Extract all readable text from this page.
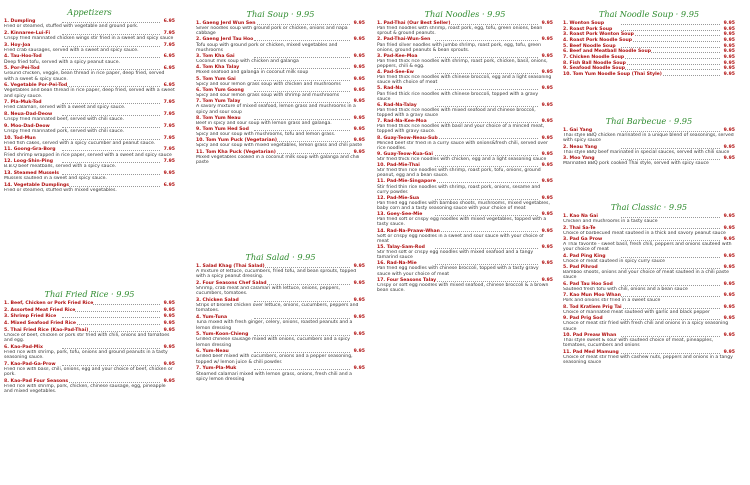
Appetizers
1. Dumpling	6.95
Fried or steamed, stuffed with vegetable and ground pork.
2. Kinnaree-Lui-Fi	7.95
Crispy fried marinated chicken wings stir fried in a sweet and spicy sauce
3. Hoy-Joa	7.95
Fried crab sausages, served with a sweet and spicy sauce.
4. Tau-Hoo-Tod	6.95
Deep fried tofu, served with a spicy peanut sauce.
5. Por-Pei-Tod	6.95
Ground chicken, veggie, bean thread in rice paper, deep fried, served with a sweet & spicy sauce.
6. Vegetable Por-Pei-Tod	6.95
Vegetables and bean thread in rice paper, deep fried, served with a sweet and spicy sauce.
7. Pla-Muk-Tod	7.95
Fried calamari, served with a sweet and spicy sauce.
8. Neua-Dad-Deow	7.95
Crispy fried marinated beef, served with chili sauce.
9. Moo-Dad-Deow	7.95
Crispy fried marinated pork, served with chili sauce.
10. Tod-Mun	7.95
Fried fish cakes, served with a spicy cucumber and peanut sauce.
11. Goong-Gra-Borg	7.95
Fried shrimp wrapped in rice paper, served with a sweet and spicy sauce
12. Loog-Shin-Ping	7.95
B.B.Q beef meatballs, served with a spicy sauce.
13. Steamed Mussels	9.95
Mussels sauteed in a sweet and spicy sauce.
14. Vegetable Dumplings	6.95
Fried or steamed, stuffed with mixed vegetables.
Thai Fried Rice · 9.95
1. Beef, Chicken or Pork Fried Rice	9.95
2. Assorted Meat Fried Rice	9.95
3. Shrimp Fried Rice	9.95
4. Mixed Seafood Fried Rice	9.95
5. Thai Fried Rice (Kao-Pad-Thai)	9.95
Choice of beef, chicken or pork stir fried with chili, onions and tomatoes and egg.
6. Kao-Pad-Mix	9.95
Fried rice with shrimp, pork, tofu, onions and ground peanuts in a tasty seasoning sauce.
7. Kao-Pad-Ga-Prow	9.95
Fried rice with basil, chili, onions, egg and your choice of beef, chicken or pork.
8. Kao-Pad Four Seasons	9.95
Fried rice with shrimp, pork, chicken, chinese sausage, egg, pineapple and mixed vegetables.
Thai Soup · 9.95
1. Gaeng Jerd Wun Sen	9.95
Silver noodles soup with ground pork or chicken, onions and napa cabbage
2. Gaeng Jerd Tau Hoo	9.95
Tofu soup with ground pork or chicken, mixed vegetables and mushrooms
3. Tom Kha Gai	9.95
Coconut milk soup with chicken and galanga
4. Tom Kha Talay	9.95
Mixed seafood and galanga in coconut milk soup
5. Tom Yum Gai	9.95
Spicy and sour lemon grass soup with chicken and mushrooms
6. Tom Yum Goong	9.95
Spicy and sour lemon grass soup with shrimp and mushrooms
7. Tom Yum Talay	9.95
A savory mixture of mixed seafood, lemon grass and mushrooms in a spicy and sour soup
8. Tom Yum Neau	9.95
Beef in spicy and sour soup with lemon grass and galanga.
9. Tom Yum Hed Sod	9.95
Spicy and sour soup with mushrooms, tofu and lemon grass.
10. Tom Yum Puck (Vegetarian)	9.95
Spicy and sour soup with mixed vegetables, lemon grass and chili paste
11. Tom Kha Puck (Vegetarian)	9.95
Mixed vegetables cooked in a coconut milk soup with galanga and chili paste
Thai Salad · 9.95
1. Salad Khag (Thai Salad)	9.95
A mixture of lettuce, cucumbers, fried tofu, and bean sprouts, topped with a spicy peanut dressing.
2. Four Seasons Chef Salad	9.95
Shrimp, crab meat and calamari with lettuce, onions, peppers, cucumbers, tomatoes.
3. Chicken Salad	9.95
Strips of broiled chicken over lettuce, onions, cucumbers, peppers and tomatoes.
4. Yum-Tuna	9.95
Tuna mixed with fresh ginger, celery, onions, roasted peanuts and a lemon dressing
5. Yum-Koon-Chieng	9.95
Grilled chinese sausage mixed with onions, cucumbers and a spicy lemon dressing
6. Yum-Neau	9.95
Grilled beef mixed with cucumbers, onions and a pepper seasoning, topped w/ lemon juice & chili powder.
7. Yum-Pla-Muk	9.95
Steamed calamari mixed with lemon grass, onions, fresh chili and a spicy lemon dressing
Thai Noodles · 9.95
1. Pad-Thai (Our Best Seller)	9.95
Pan fried noodles with shrimp, roast pork, egg, tofu, green onions, bean sprout & ground peanuts.
2. Pad-Thai-Wun-Sen	9.95
Pan fried silver noodles with jumbo shrimp, roast pork, egg, tofu, green onions, ground peanuts & bean sprouts.
3. Pad-Kee-Moa	9.95
Pan fried thick rice noodles with shrimp, roast pork, chicken, basil, onions, peppers, chili & egg.
4. Pad-See-Ew	9.95
Pan fried thick rice noodles with chinese broccoli, egg and a light seasoning sauce with choice of meat
5. Rad-Na	9.95
Pan fried thick rice noodles with chinese broccoli, topped with a gravy sauce
6. Rad-Na-Talay	9.95
Pan fried thick rice noodles with mixed seafood and chinese broccoli, topped with a gravy sauce
7. Rad-Na-Kee-Moa	9.95
Pan fried thick rice noodles with basil and your choice of a minced meat, topped with gravy sauce.
8. Guay-Teow-Neau-Sub	9.95
Minced beef stir fried in a curry sauce with onions&fresh chili, served over rice noodles.
9. Guay-Teow-Kua-Gai	9.95
Stir fried thick rice noodles with chicken, egg and a light seasoning sauce
10. Pad-Mie-Thai	9.95
Stir fried thin rice noodles with shrimp, roast pork, tofu, onions, ground peanut, egg and a bean sauce.
11. Pad-Mie-Singapore	9.95
Stir fried thin rice noodles with shrimp, roast pork, onions, sesame and curry powder.
12. Pad-Mie-Sua	9.95
Pan fried egg noodles with bamboo shoots, mushrooms, mixed vegetables, baby corn and a tasty seasoning sauce with your choice of meat
13. Goey-See-Mie	9.95
Pan fried soft or crispy egg noodles with mixed vegetables, topped with a tasty sauce.
14. Rad-Na-Praaw-Whan	9.95
Soft or crispy egg noodles in a sweet and sour sauce with your choice of meat
15. Talay-Sam-Rod	9.95
Stir fried soft or crispy egg noodles with mixed seafood and a tangy tamarind sauce
16. Rad-Na-Mie	9.95
Pan fried egg noodles with chinese broccoli, topped with a tasty gravy sauce with your choice of meat
17. Four Seasons Talay	9.95
Crispy or soft egg noodles with mixed seafood, chinese broccoli & a brown bean sauce.
Thai Noodle Soup · 9.95
1. Wonton Soup	9.95
2. Roast Pork Soup	9.95
3. Roast Pork Wonton Soup	9.95
4. Roast Pork Noodle Soup	9.95
5. Beef Noodle Soup	9.95
6. Beef and Meatball Noodle Soup	9.95
7. Chicken Noodle Soup	9.95
8. Fish Ball Noodle Soup	9.95
9. Seafood Noodle Soup	9.95
10. Tom Yum Noodle Soup (Thai Style)	9.95
Thai Barbecue · 9.95
1. Gai Yang	9.95
Thai style BBQ chicken marinated in a unique blend of seasonings, served with spicy sauce
2. Neau Yang	9.95
Thai style BBQ beef marinated in special sauces, served with chili sauce
3. Moo Yang	9.95
Marinated BBQ pork cooked Thai style, served with spicy sauce
Thai Classic · 9.95
1. Kao Na Gai	9.95
Chicken and mushrooms in a tasty sauce
2. Thai Sa-Te	9.95
Choice of barbecued meat sauteed in a thick and savory peanut sauce
3. Pad Ga Prow	9.95
A Thai favorite - sweet basil, fresh chili, peppers and onions sauteed with your choice of meat
4. Pad Ping King	9.95
Choice of meat sauteed in spicy curry sauce
5. Pad Pihrod	9.95
Bamboo shoots, onions and your choice of meat sauteed in a chili paste sauce
6. Pad Tau Hoo Sod	9.95
Sauteed fresh tofu with chili, onions and a bean sauce
7. Kao Mun Moo Whan	9.95
Pork and onions stir fried in a sweet sauce
8. Tod Kratiem Prig Tai	9.95
Choice of marinated meat sauteed with garlic and black pepper
9. Pad Prig Sod	9.95
Choice of meat stir fried with fresh chili and onions in a spicy seasoning sauce
10. Pad Preaw Whan	9.95
Thai style sweet & sour with sauteed choice of meat, pineapples, tomatoes, cucumbers and onions
11. Pad Med Mamung	9.95
Choice of meat stir fried with cashew nuts, peppers and onions in a tangy seasoning sauce
